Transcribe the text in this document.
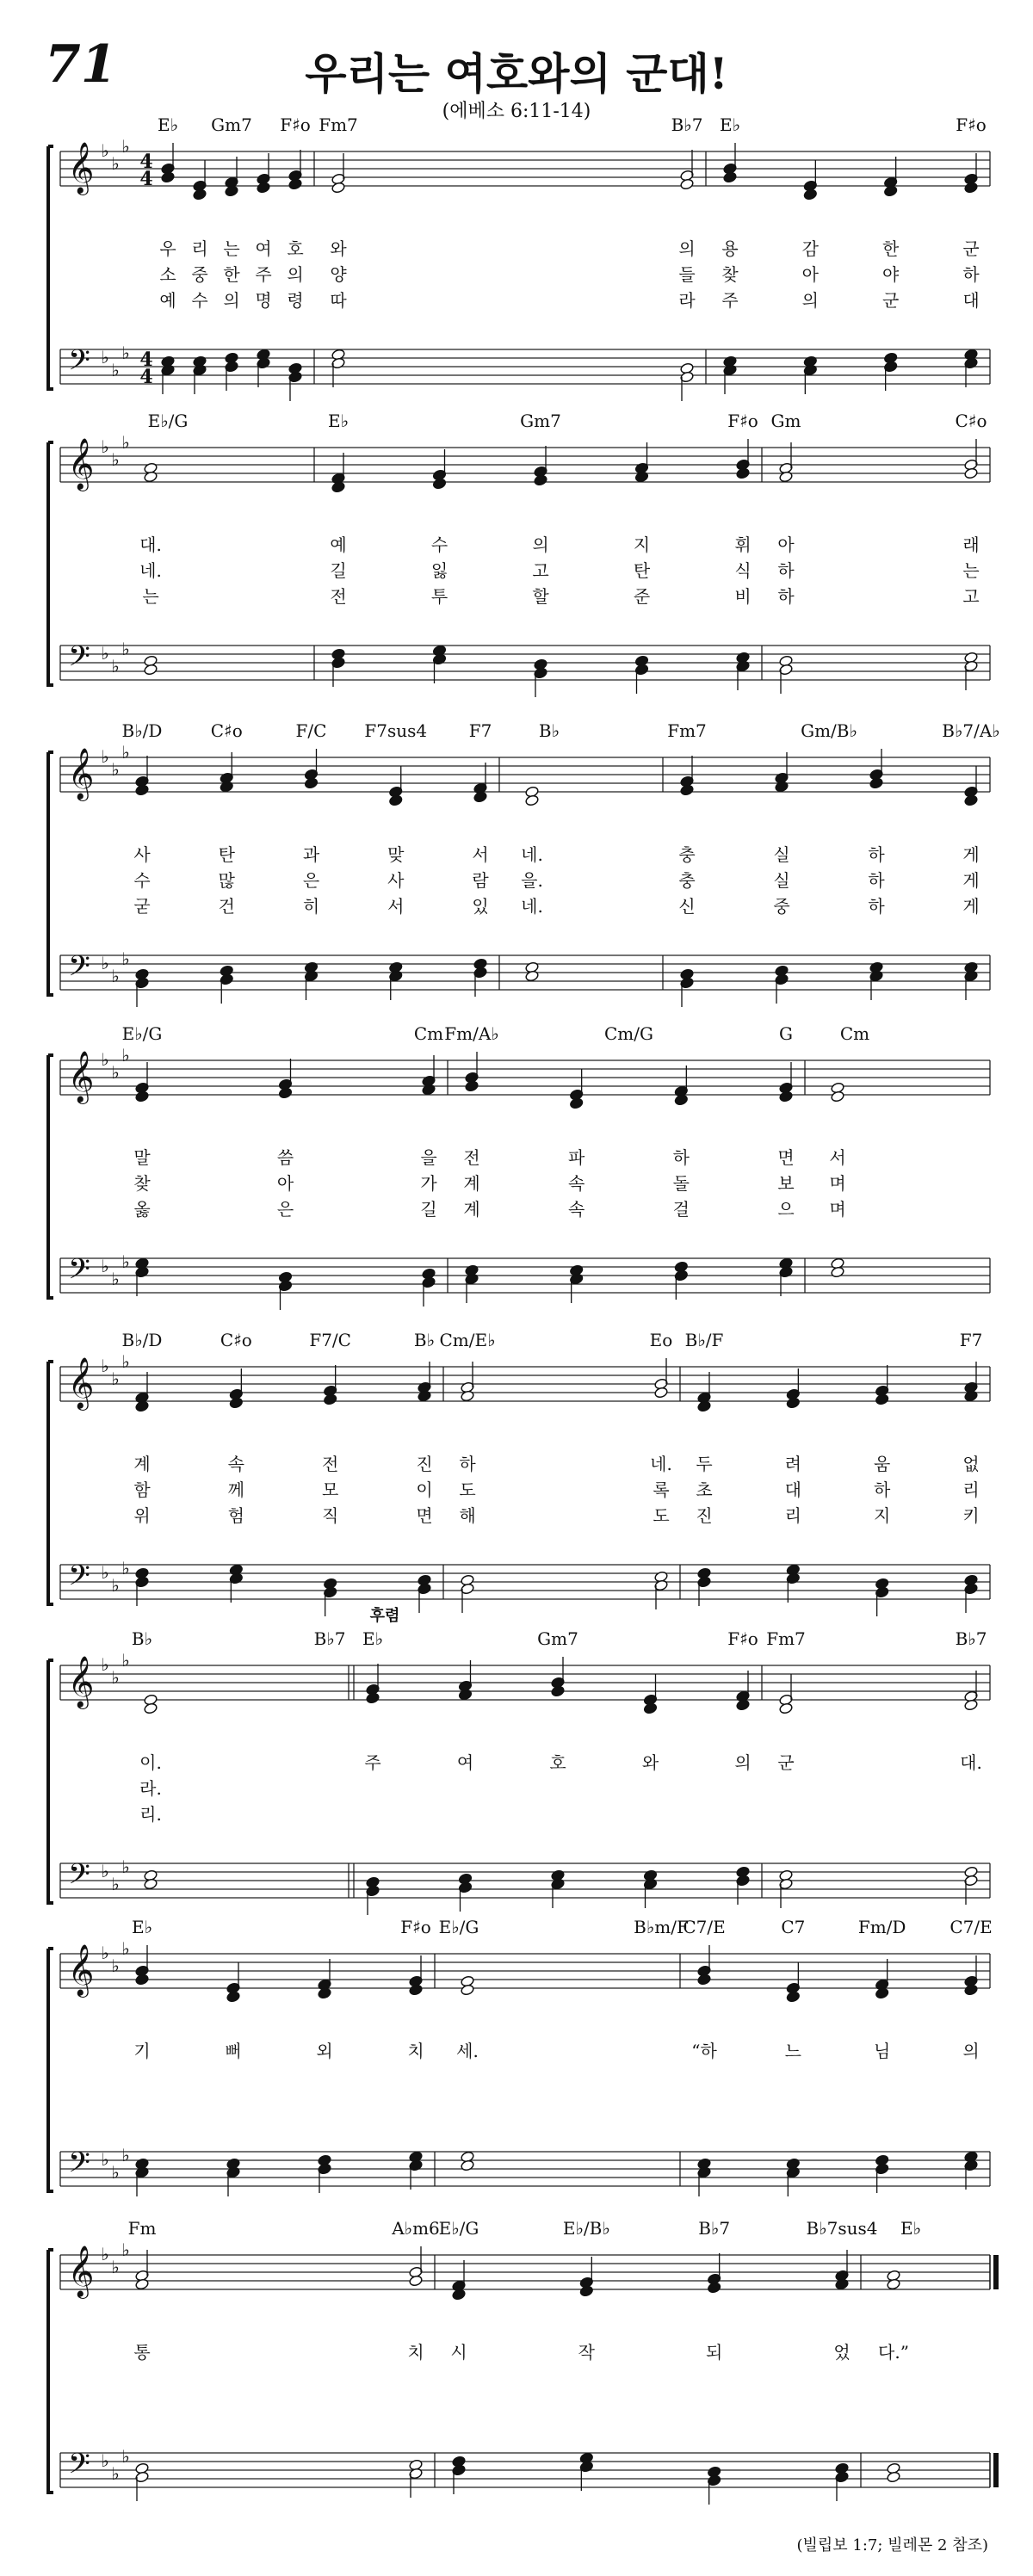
71	우리는 여호와의 군대!
(에베소 6:11-14)
𝄞 ♭
♭
♭
4
4
𝄢 ♭
♭
♭ 4
4
E♭ Gm7 F♯o
우 리 는 여 호
소 중 한 주 의
예 수 의 명 령
Fm7	B♭7
와	의
양	들
따	라
E♭	F♯o
용	감	한	군
찾	아	야	하
주	의	군	대
𝄞 ♭
♭
♭
𝄢 ♭
♭
♭
E♭/G
대.
네.
는
E♭	Gm7	F♯o
예	수	의	지	휘
길	잃	고	탄	식
전	투	할	준	비
Gm	C♯o
아	래
하	는
하	고
𝄞 ♭
♭
♭
𝄢 ♭
♭
♭
B♭/D	C♯o	F/C F7sus4 F7
사	탄	과	맞	서
수	많	은	사	람
굳	건	히	서	있
B♭
네.
을.
네.
Fm7	Gm/B♭	B♭7/A♭
충	실	하	게
충	실	하	게
신	중	하	게
𝄞 ♭
♭
♭
𝄢 ♭
♭
♭
E♭/G	Cm
말	씀	을
찾	아	가
옳	은	길
Fm/A♭	Cm/G	G
전	파	하	면
계	속	돌	보
계	속	걸	으
Cm
서
며
며
𝄞 ♭
♭
♭
𝄢 ♭
♭
♭
B♭/D	C♯o	F7/C	B♭
계	속	전	진
함	께	모	이
위	험	직	면
Cm/E♭	Eo
하	네.
도	록
해	도
B♭/F	F7
두	려	움	없
초	대	하	리
진	리	지	키
𝄞 ♭
♭
♭
𝄢 ♭
♭
♭
후렴
B♭	B♭7
이.
라.
리.
E♭	Gm7	F♯o
주	여	호	와	의
Fm7	B♭7
군	대.
𝄞 ♭
♭
♭
𝄢 ♭
♭
♭
E♭	F♯o
기	뻐	외	치
E♭/G	B♭m/F
세.
C7/E	C7	Fm/D	C7/E
“하	느	님	의
𝄞 ♭
♭
♭
𝄢 ♭
♭
♭
Fm	A♭m6
통	치
E♭/G	E♭/B♭	B♭7	B♭7sus4
시	작	되	었
E♭
다.”
(빌립보 1:7; 빌레몬 2 참조)
